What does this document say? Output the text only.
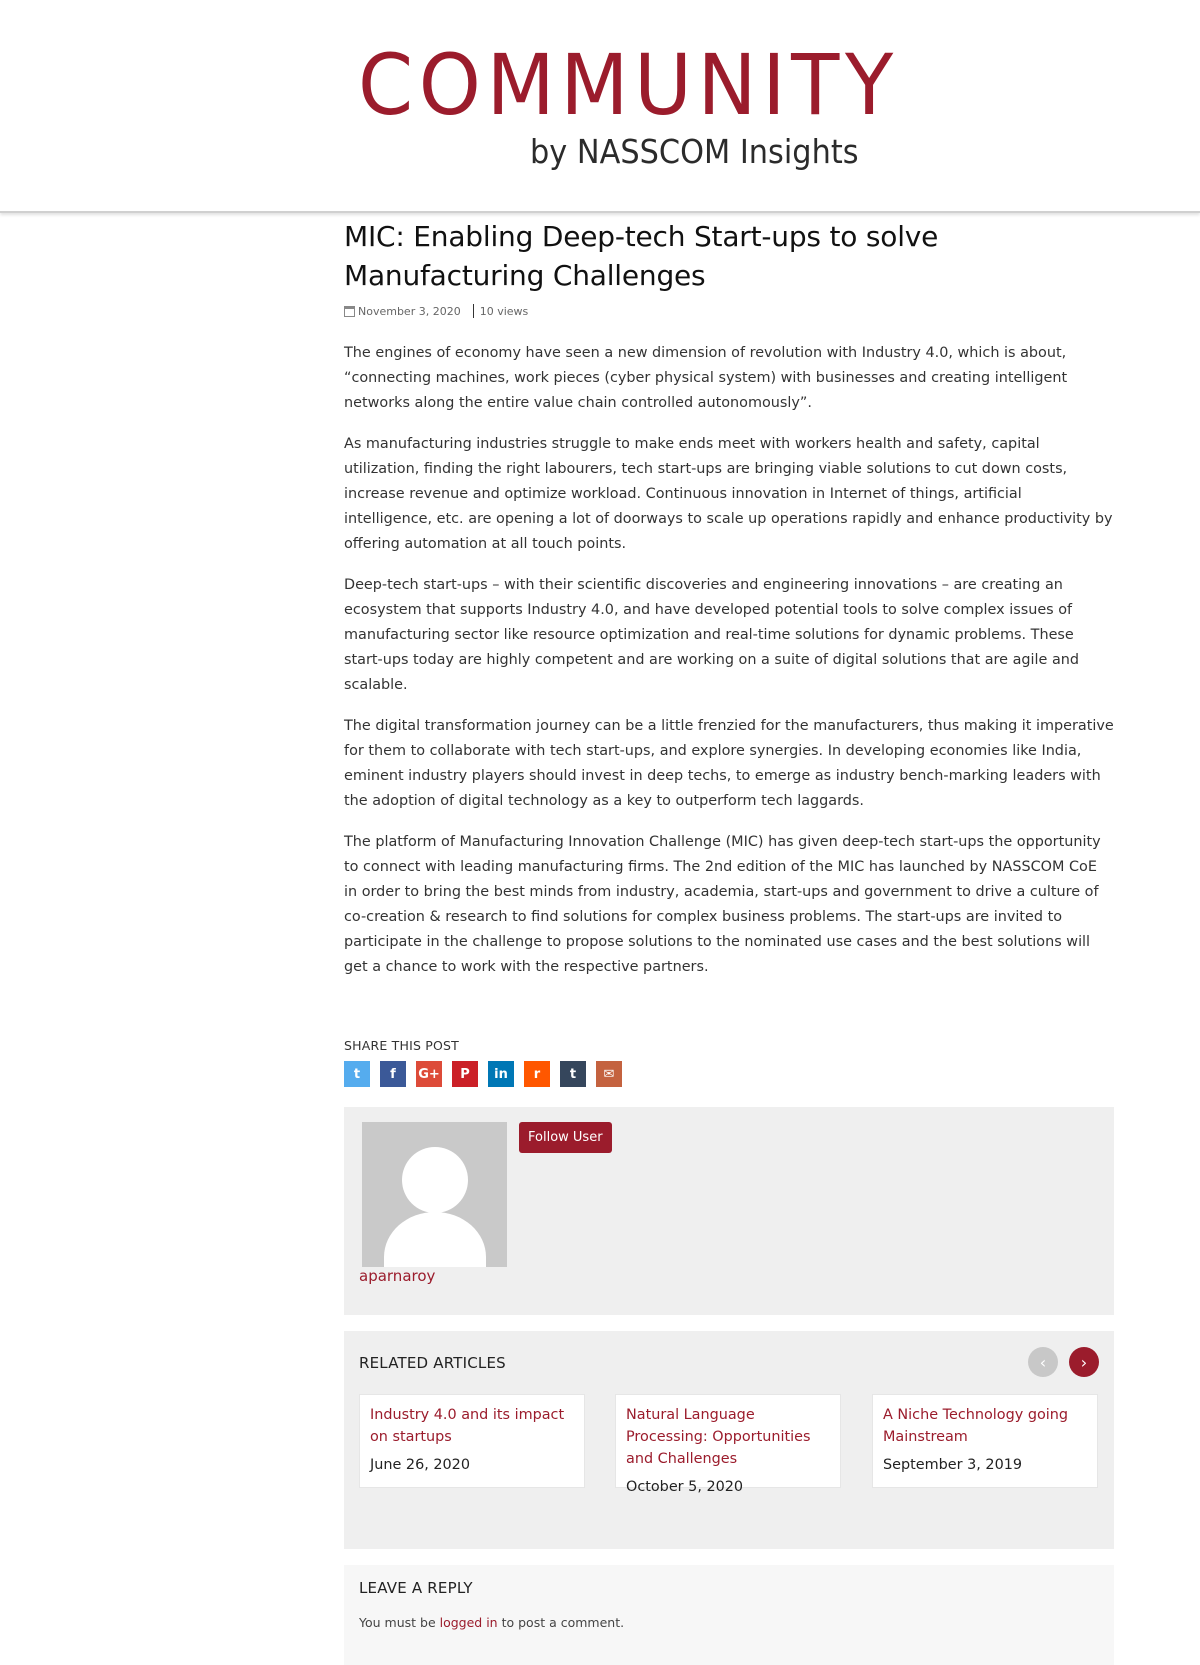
COMMUNITY
by NASSCOM Insights
MIC: Enabling Deep-tech Start-ups to solve Manufacturing Challenges
November 3, 2020 10 views

The engines of economy have seen a new dimension of revolution with Industry 4.0, which is about, “connecting machines, work pieces (cyber physical system) with businesses and creating intelligent networks along the entire value chain controlled autonomously”.

As manufacturing industries struggle to make ends meet with workers health and safety, capital utilization, finding the right labourers, tech start-ups are bringing viable solutions to cut down costs, increase revenue and optimize workload. Continuous innovation in Internet of things, artificial intelligence, etc. are opening a lot of doorways to scale up operations rapidly and enhance productivity by offering automation at all touch points.

Deep-tech start-ups – with their scientific discoveries and engineering innovations – are creating an ecosystem that supports Industry 4.0, and have developed potential tools to solve complex issues of manufacturing sector like resource optimization and real-time solutions for dynamic problems. These start-ups today are highly competent and are working on a suite of digital solutions that are agile and scalable.

The digital transformation journey can be a little frenzied for the manufacturers, thus making it imperative for them to collaborate with tech start-ups, and explore synergies. In developing economies like India, eminent industry players should invest in deep techs, to emerge as industry bench-marking leaders with the adoption of digital technology as a key to outperform tech laggards.

The platform of Manufacturing Innovation Challenge (MIC) has given deep-tech start-ups the opportunity to connect with leading manufacturing firms. The 2nd edition of the MIC has launched by NASSCOM CoE in order to bring the best minds from industry, academia, start-ups and government to drive a culture of co-creation & research to find solutions for complex business problems. The start-ups are invited to participate in the challenge to propose solutions to the nominated use cases and the best solutions will get a chance to work with the respective partners.

SHARE THIS POST
t f G+ P in r t ✉
Follow User
aparnaroy
RELATED ARTICLES	‹ ›
Industry 4.0 and its impact on startups
June 26, 2020
Natural Language Processing: Opportunities and Challenges
October 5, 2020
A Niche Technology going Mainstream
September 3, 2019
LEAVE A REPLY
You must be logged in to post a comment.
